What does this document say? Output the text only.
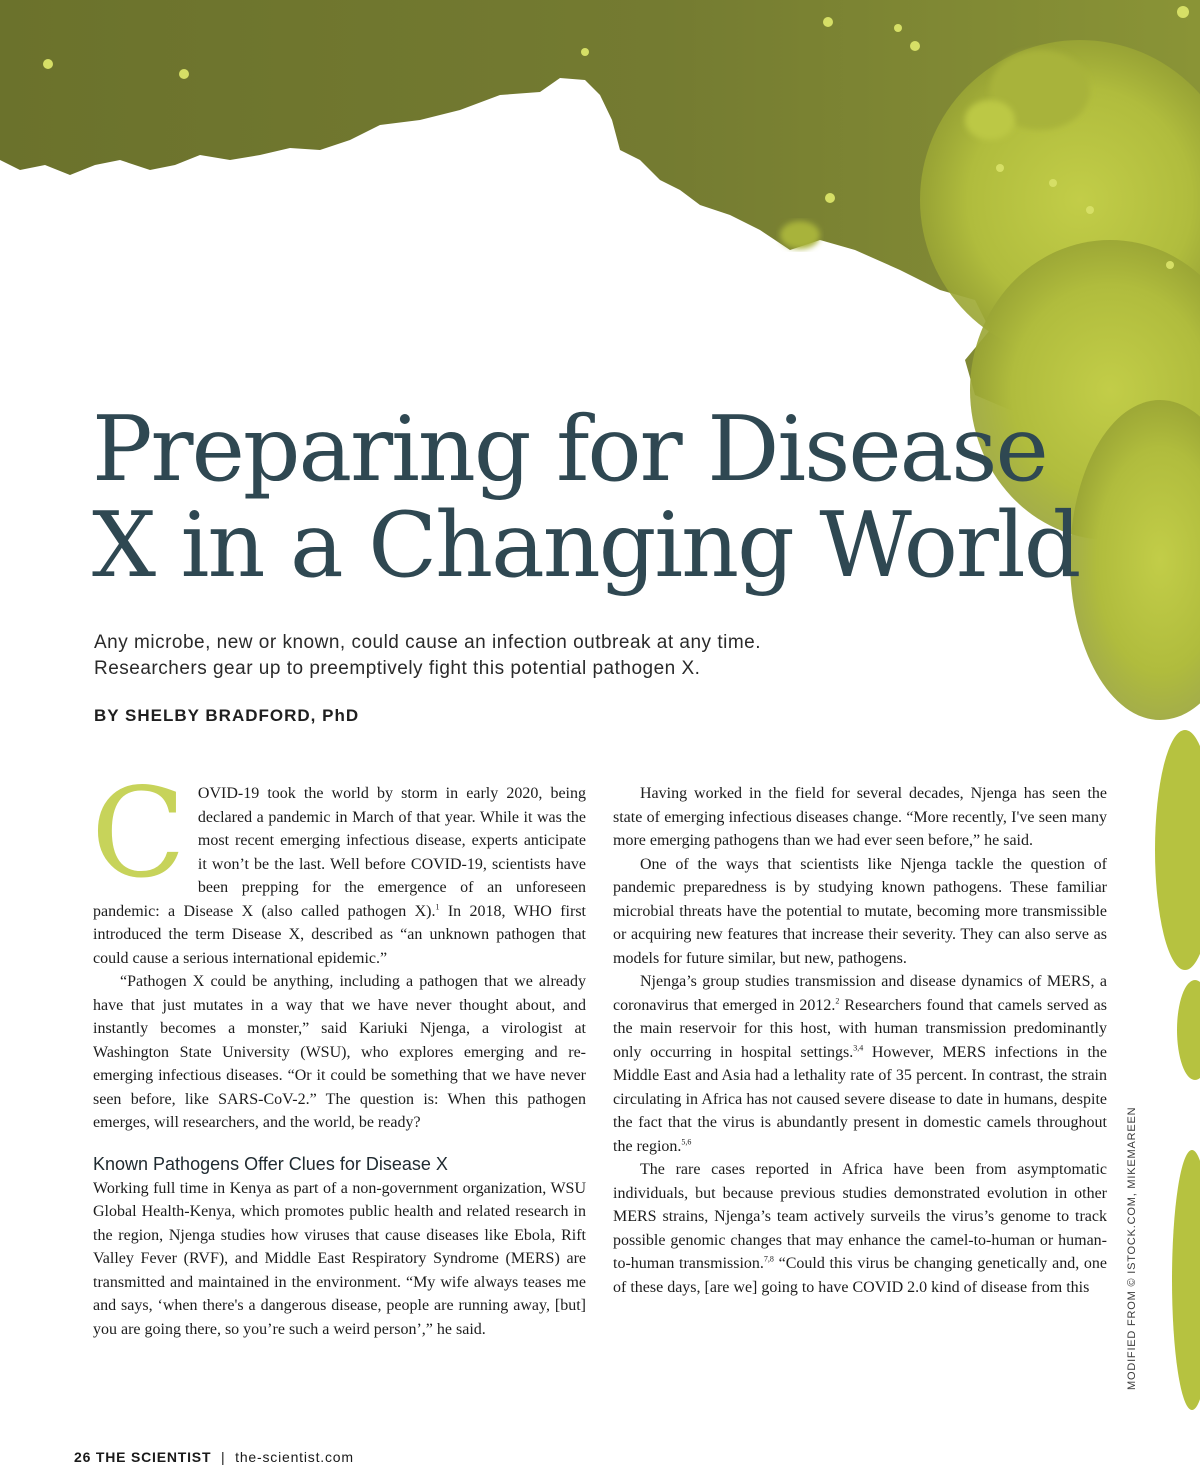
Preparing for Disease
X in a Changing World
Any microbe, new or known, could cause an infection outbreak at any time.
Researchers gear up to preemptively fight this potential pathogen X.
BY SHELBY BRADFORD, PhD

COVID-19 took the world by storm in early 2020, being declared a pandemic in March of that year. While it was the most recent emerging infectious disease, experts anticipate it won’t be the last. Well before COVID-19, scientists have been prepping for the emergence of an unforeseen pandemic: a Disease X (also called pathogen X).$^1$ In 2018, WHO first introduced the term Disease X, described as “an unknown pathogen that could cause a serious international epidemic.”

“Pathogen X could be anything, including a pathogen that we already have that just mutates in a way that we have never thought about, and instantly becomes a monster,” said Kariuki Njenga, a virologist at Washington State University (WSU), who explores emerging and re-emerging infectious diseases. “Or it could be something that we have never seen before, like SARS-CoV-2.” The question is: When this pathogen emerges, will researchers, and the world, be ready?

Known Pathogens Offer Clues for Disease X

Working full time in Kenya as part of a non-government organization, WSU Global Health-Kenya, which promotes public health and related research in the region, Njenga studies how viruses that cause diseases like Ebola, Rift Valley Fever (RVF), and Middle East Respiratory Syndrome (MERS) are transmitted and maintained in the environment. “My wife always teases me and says, ‘when there's a dangerous disease, people are running away, [but] you are going there, so you’re such a weird person’,” he said.

Having worked in the field for several decades, Njenga has seen the state of emerging infectious diseases change. “More recently, I've seen many more emerging pathogens than we had ever seen before,” he said.

One of the ways that scientists like Njenga tackle the question of pandemic preparedness is by studying known pathogens. These familiar microbial threats have the potential to mutate, becoming more transmissible or acquiring new features that increase their severity. They can also serve as models for future similar, but new, pathogens.

Njenga’s group studies transmission and disease dynamics of MERS, a coronavirus that emerged in 2012.$^2$ Researchers found that camels served as the main reservoir for this host, with human transmission predominantly only occurring in hospital settings.$^{3,4}$ However, MERS infections in the Middle East and Asia had a lethality rate of 35 percent. In contrast, the strain circulating in Africa has not caused severe disease to date in humans, despite the fact that the virus is abundantly present in domestic camels throughout the region.$^{5,6}$

The rare cases reported in Africa have been from asymptomatic individuals, but because previous studies demonstrated evolution in other MERS strains, Njenga’s team actively surveils the virus’s genome to track possible genomic changes that may enhance the camel-to-human or human-to-human transmission.$^{7,8}$ “Could this virus be changing genetically and, one of these days, [are we] going to have COVID 2.0 kind of disease from this	MODIFIED FROM © ISTOCK.COM, MIKEMAREEN
26 THE SCIENTIST | the-scientist.com
